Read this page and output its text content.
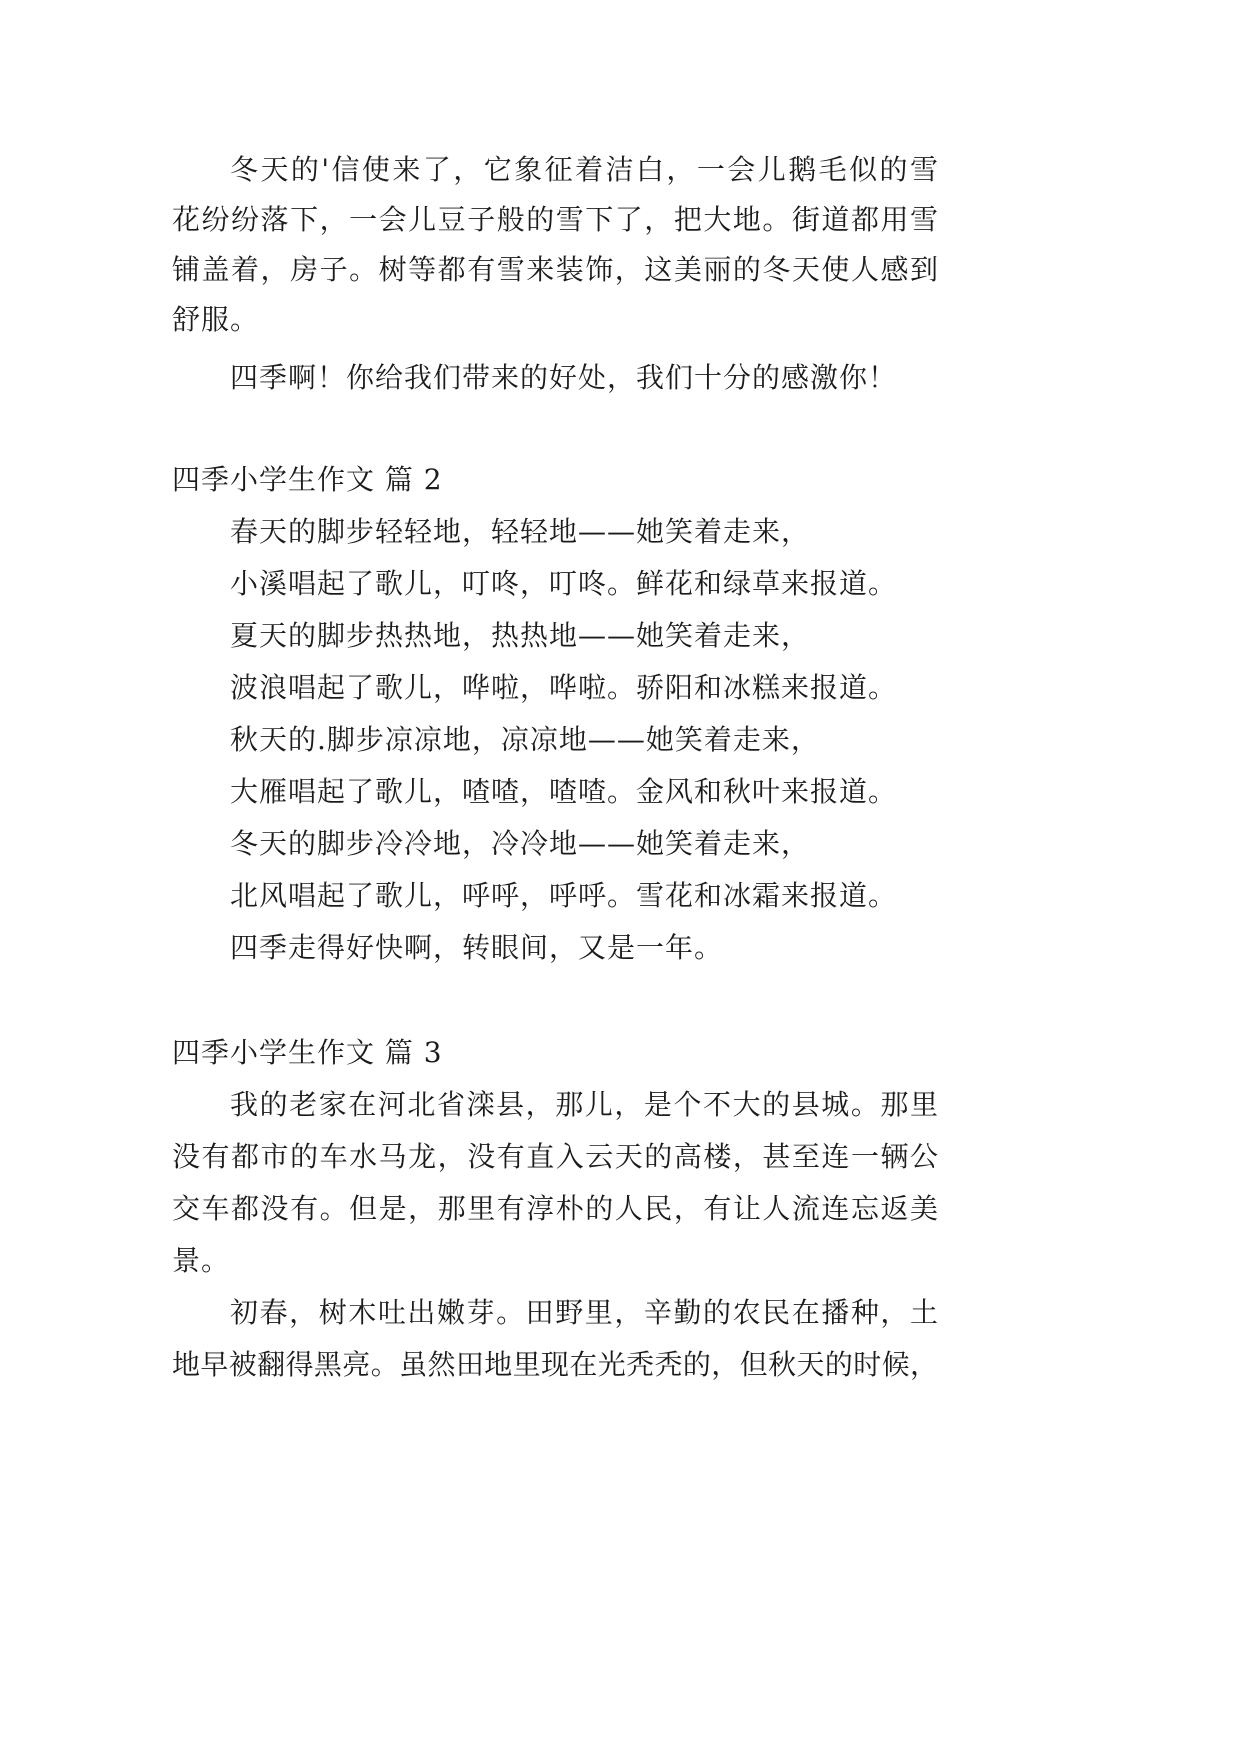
冬天的'信使来了，它象征着洁白，一会儿鹅毛似的雪
花纷纷落下，一会儿豆子般的雪下了，把大地。街道都用雪
铺盖着，房子。树等都有雪来装饰，这美丽的冬天使人感到
舒服。
四季啊！你给我们带来的好处，我们十分的感激你！
四季小学生作文 篇 2
春天的脚步轻轻地，轻轻地——她笑着走来，
小溪唱起了歌儿，叮咚，叮咚。鲜花和绿草来报道。
夏天的脚步热热地，热热地——她笑着走来，
波浪唱起了歌儿，哗啦，哗啦。骄阳和冰糕来报道。
秋天的.脚步凉凉地，凉凉地——她笑着走来，
大雁唱起了歌儿，喳喳，喳喳。金风和秋叶来报道。
冬天的脚步冷冷地，冷冷地——她笑着走来，
北风唱起了歌儿，呼呼，呼呼。雪花和冰霜来报道。
四季走得好快啊，转眼间，又是一年。
四季小学生作文 篇 3
我的老家在河北省滦县，那儿，是个不大的县城。那里
没有都市的车水马龙，没有直入云天的高楼，甚至连一辆公
交车都没有。但是，那里有淳朴的人民，有让人流连忘返美
景。
初春，树木吐出嫩芽。田野里，辛勤的农民在播种，土
地早被翻得黑亮。虽然田地里现在光秃秃的，但秋天的时候，
